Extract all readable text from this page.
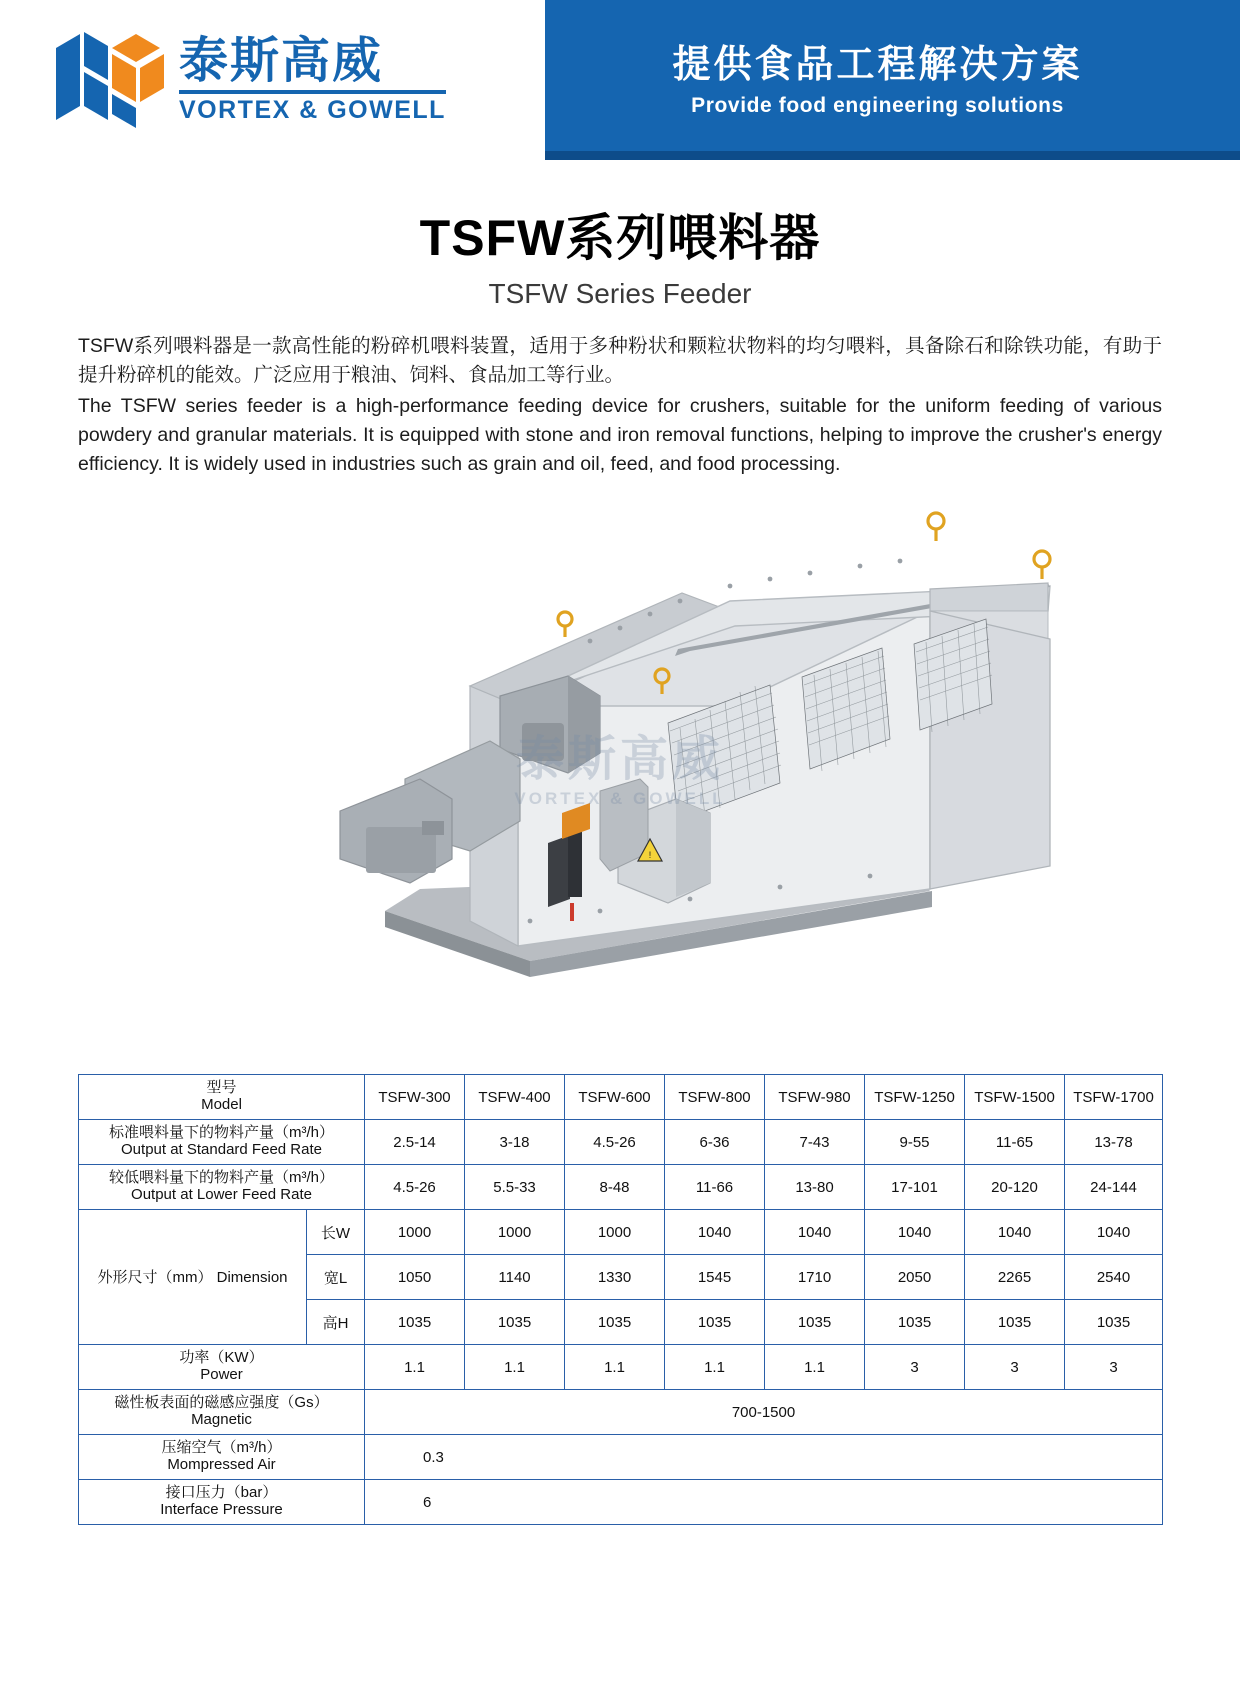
泰斯高威
VORTEX & GOWELL
提供食品工程解决方案
Provide food engineering solutions
TSFW系列喂料器
TSFW Series Feeder

TSFW系列喂料器是一款高性能的粉碎机喂料装置，适用于多种粉状和颗粒状物料的均匀喂料，具备除石和除铁功能，有助于提升粉碎机的能效。广泛应用于粮油、饲料、食品加工等行业。

The TSFW series feeder is a high-performance feeding device for crushers, suitable for the uniform feeding of various powdery and granular materials. It is equipped with stone and iron removal functions, helping to improve the crusher's energy efficiency. It is widely used in industries such as grain and oil, feed, and food processing.

!
泰斯高威
VORTEX & GOWELL
型号
Model		TSFW-300	TSFW-400	TSFW-600	TSFW-800	TSFW-980	TSFW-1250	TSFW-1500	TSFW-1700

标准喂料量下的物料产量（m³/h）
Output at Standard Feed Rate		2.5-14	3-18	4.5-26	6-36	7-43	9-55	11-65	13-78

较低喂料量下的物料产量（m³/h）
Output at Lower Feed Rate		4.5-26	5.5-33	8-48	11-66	13-80	17-101	20-120	24-144
外形尺寸（mm） Dimension	长W	1000	1000	1000	1040	1040	1040	1040	1040
	宽L	1050	1140	1330	1545	1710	2050	2265	2540
	高H	1035	1035	1035	1035	1035	1035	1035	1035

功率（KW）
Power		1.1	1.1	1.1	1.1	1.1	3	3	3

磁性板表面的磁感应强度（Gs）
Magnetic		700-1500							

压缩空气（m³/h）
Mompressed Air		0.3							

接口压力（bar）
Interface Pressure		6							
